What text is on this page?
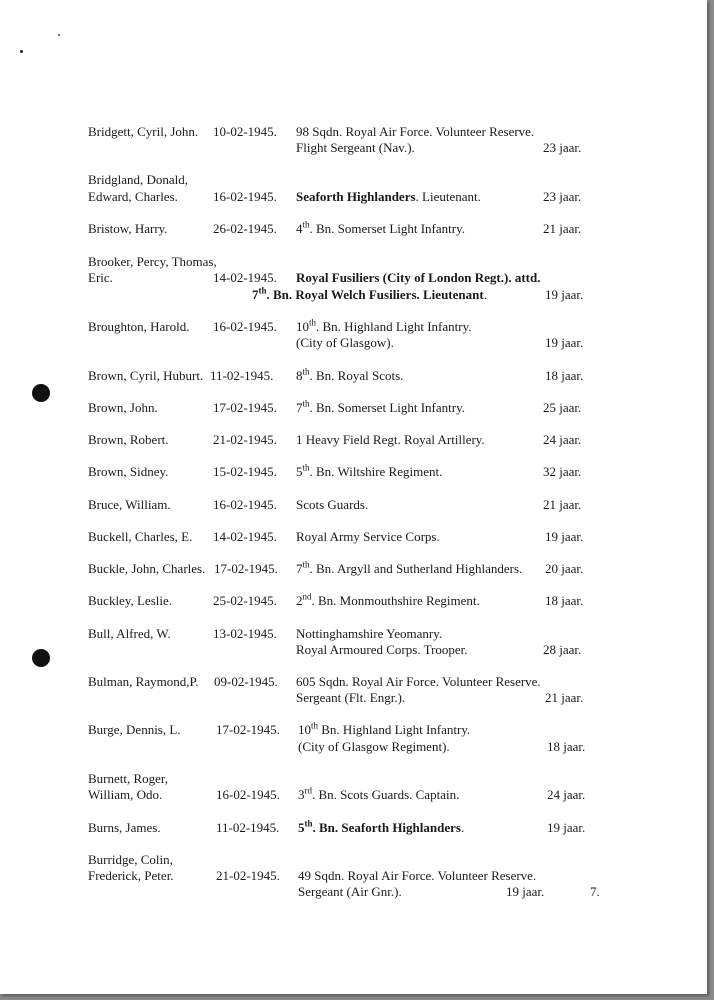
Bridgett, Cyril, John. 10-02-1945. 98 Sqdn. Royal Air Force. Volunteer Reserve.
Flight Sergeant (Nav.).	23 jaar.
Bridgland, Donald,
Edward, Charles.	16-02-1945. Seaforth Highlanders. Lieutenant.	23 jaar.
Bristow, Harry.	26-02-1945. 4th. Bn. Somerset Light Infantry.	21 jaar.
Brooker, Percy, Thomas,
Eric.	14-02-1945. Royal Fusiliers (City of London Regt.). attd.
7th. Bn. Royal Welch Fusiliers. Lieutenant.	19 jaar.
Broughton, Harold. 16-02-1945. 10th. Bn. Highland Light Infantry.
(City of Glasgow).	19 jaar.
Brown, Cyril, Huburt. 11-02-1945. 8th. Bn. Royal Scots.	18 jaar.
Brown, John.	17-02-1945. 7th. Bn. Somerset Light Infantry.	25 jaar.
Brown, Robert.	21-02-1945. 1 Heavy Field Regt. Royal Artillery.	24 jaar.
Brown, Sidney.	15-02-1945. 5th. Bn. Wiltshire Regiment.	32 jaar.
Bruce, William.	16-02-1945. Scots Guards.	21 jaar.
Buckell, Charles, E. 14-02-1945. Royal Army Service Corps.	19 jaar.
Buckle, John, Charles. 17-02-1945. 7th. Bn. Argyll and Sutherland Highlanders. 20 jaar.
Buckley, Leslie.	25-02-1945. 2nd. Bn. Monmouthshire Regiment.	18 jaar.
Bull, Alfred, W.	13-02-1945. Nottinghamshire Yeomanry.
Royal Armoured Corps. Trooper.	28 jaar.
Bulman, Raymond,P. 09-02-1945. 605 Sqdn. Royal Air Force. Volunteer Reserve.
Sergeant (Flt. Engr.).	21 jaar.
Burge, Dennis, L.	17-02-1945. 10th Bn. Highland Light Infantry.
(City of Glasgow Regiment).	18 jaar.
Burnett, Roger,
William, Odo.	16-02-1945. 3rd. Bn. Scots Guards. Captain.	24 jaar.
Burns, James.	11-02-1945. 5th. Bn. Seaforth Highlanders.	19 jaar.
Burridge, Colin,
Frederick, Peter.	21-02-1945. 49 Sqdn. Royal Air Force. Volunteer Reserve.
Sergeant (Air Gnr.).	19 jaar.	7.
